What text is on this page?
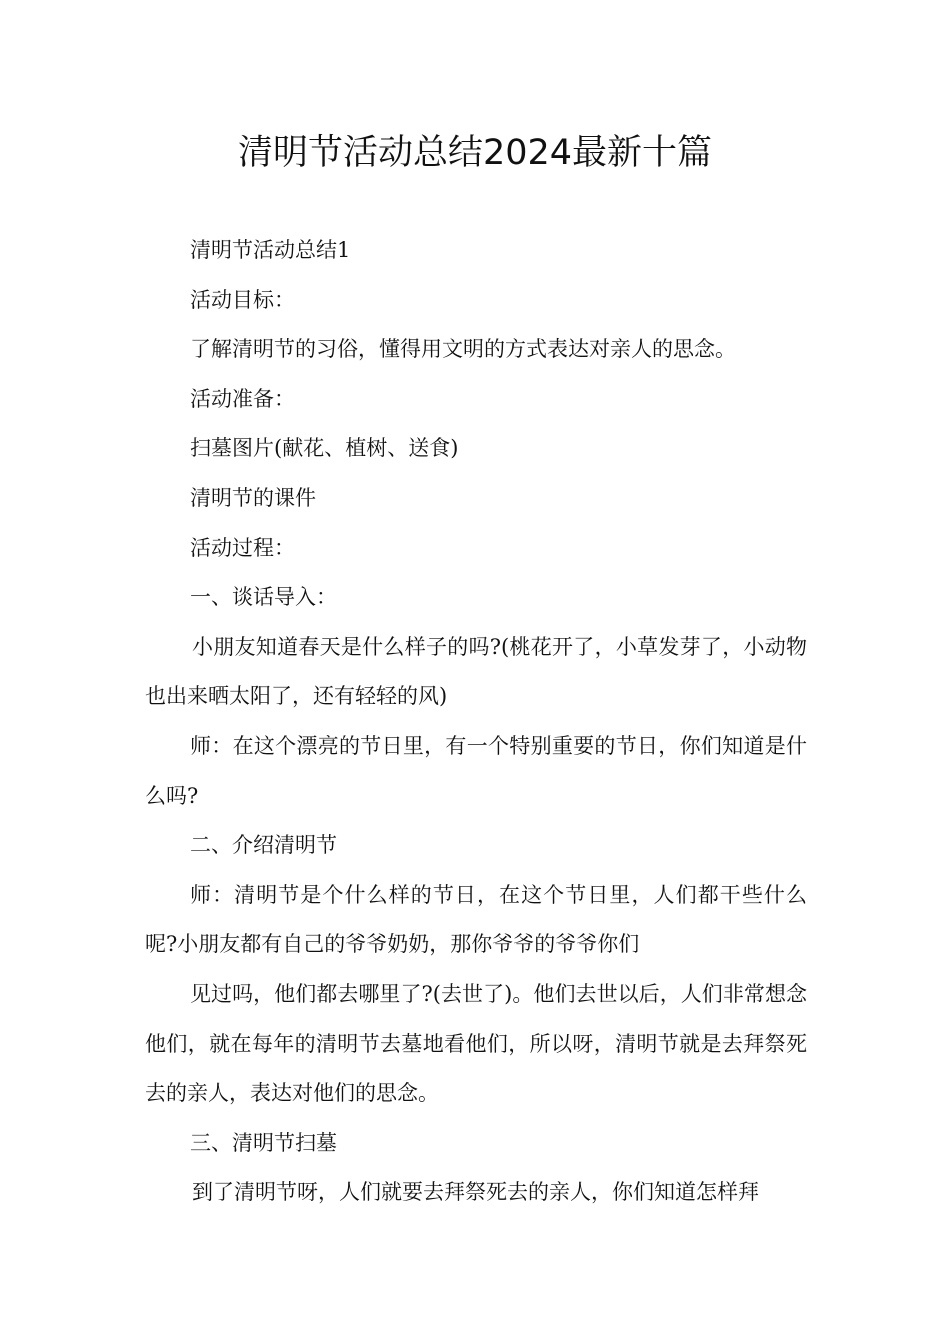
清明节活动总结2024最新十篇

清明节活动总结1

活动目标：

了解清明节的习俗，懂得用文明的方式表达对亲人的思念。

活动准备：

扫墓图片(献花、植树、送食)

清明节的课件

活动过程：

一、谈话导入：

小朋友知道春天是什么样子的吗?(桃花开了，小草发芽了，小动物也出来晒太阳了，还有轻轻的风)

师：在这个漂亮的节日里，有一个特别重要的节日，你们知道是什么吗?

二、介绍清明节

师：清明节是个什么样的节日，在这个节日里，人们都干些什么呢?小朋友都有自己的爷爷奶奶，那你爷爷的爷爷你们

见过吗，他们都去哪里了?(去世了)。他们去世以后，人们非常想念他们，就在每年的清明节去墓地看他们，所以呀，清明节就是去拜祭死去的亲人，表达对他们的思念。

三、清明节扫墓

到了清明节呀，人们就要去拜祭死去的亲人，你们知道怎样拜
